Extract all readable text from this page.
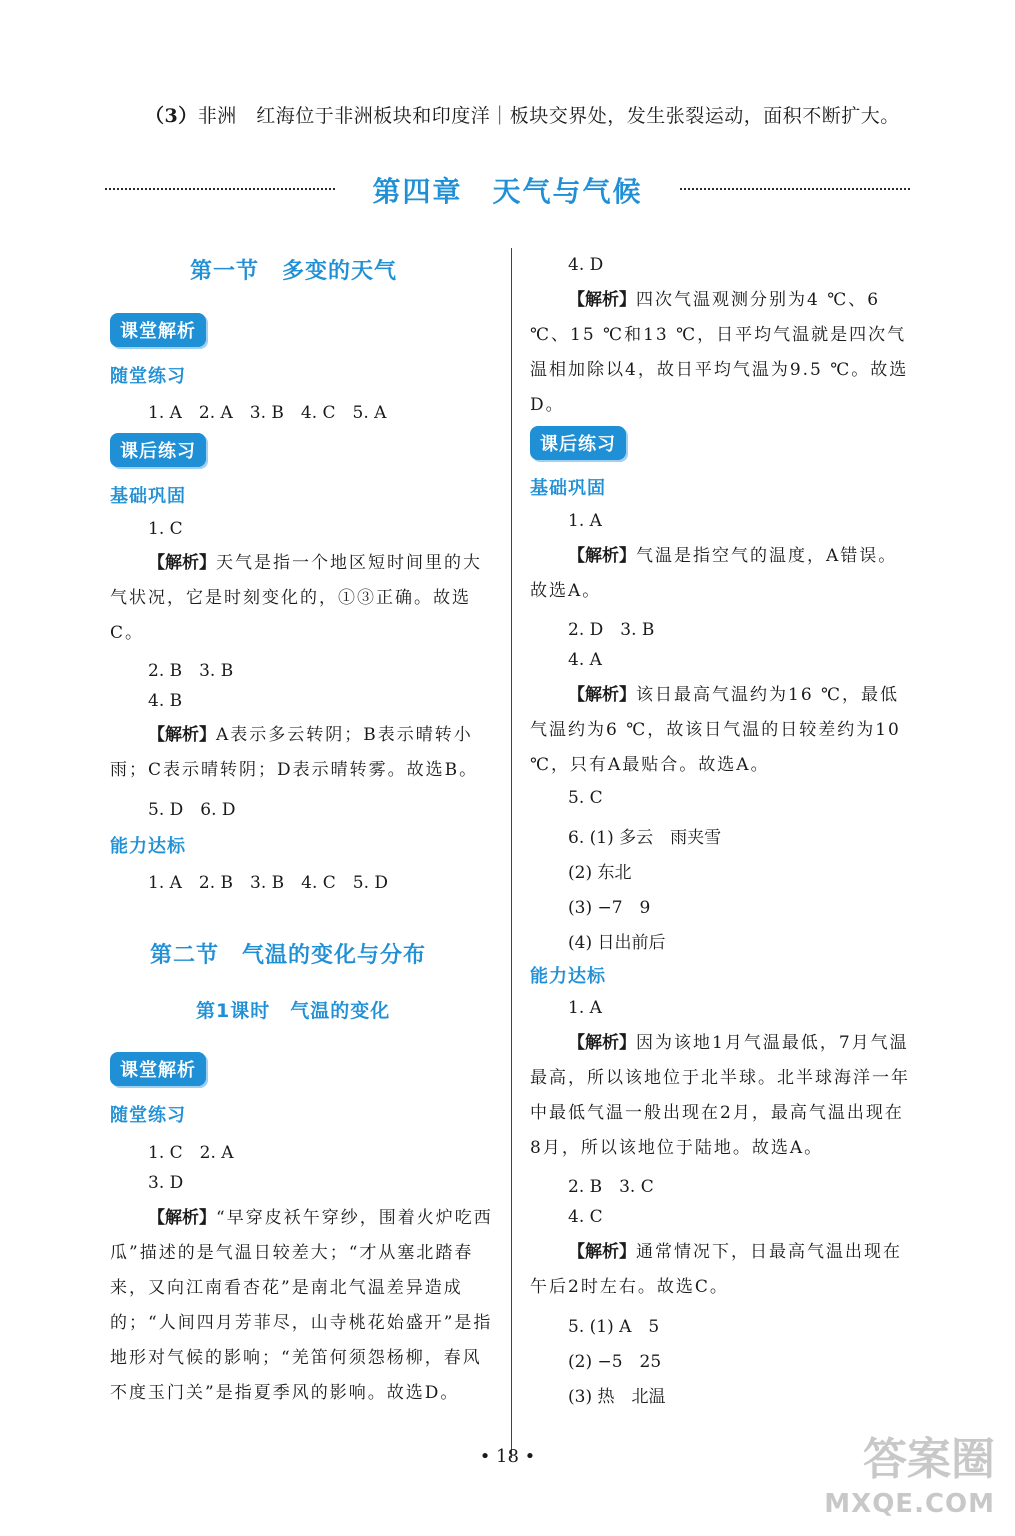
（3）非洲　红海位于非洲板块和印度洋｜板块交界处，发生张裂运动，面积不断扩大。
第四章　天气与气候
第一节　多变的天气
课堂解析
随堂练习
1. A　2. A　3. B　4. C　5. A
课后练习
基础巩固
1. C
【解析】天气是指一个地区短时间里的大气状况，它是时刻变化的，①③正确。故选C。
2. B　3. B
4. B
【解析】A表示多云转阴；B表示晴转小雨；C表示晴转阴；D表示晴转雾。故选B。
5. D　6. D
能力达标
1. A　2. B　3. B　4. C　5. D
第二节　气温的变化与分布
第1课时　气温的变化
课堂解析
随堂练习
1. C　2. A
3. D
【解析】“早穿皮袄午穿纱，围着火炉吃西瓜”描述的是气温日较差大；“才从塞北踏春来，又向江南看杏花”是南北气温差异造成的；“人间四月芳菲尽，山寺桃花始盛开”是指地形对气候的影响；“羌笛何须怨杨柳，春风不度玉门关”是指夏季风的影响。故选D。
4. D
【解析】四次气温观测分别为4 ℃、6 ℃、15 ℃和13 ℃，日平均气温就是四次气温相加除以4，故日平均气温为9.5 ℃。故选D。
课后练习
基础巩固
1. A
【解析】气温是指空气的温度，A错误。故选A。
2. D　3. B
4. A
【解析】该日最高气温约为16 ℃，最低气温约为6 ℃，故该日气温的日较差约为10 ℃，只有A最贴合。故选A。
5. C
6. (1) 多云　雨夹雪
(2) 东北
(3) −7　9
(4) 日出前后
能力达标
1. A
【解析】因为该地1月气温最低，7月气温最高，所以该地位于北半球。北半球海洋一年中最低气温一般出现在2月，最高气温出现在8月，所以该地位于陆地。故选A。
2. B　3. C
4. C
【解析】通常情况下，日最高气温出现在午后2时左右。故选C。
5. (1) A　5
(2) −5　25
(3) 热　北温
• 18 •	答案圈
MXQE.COM
